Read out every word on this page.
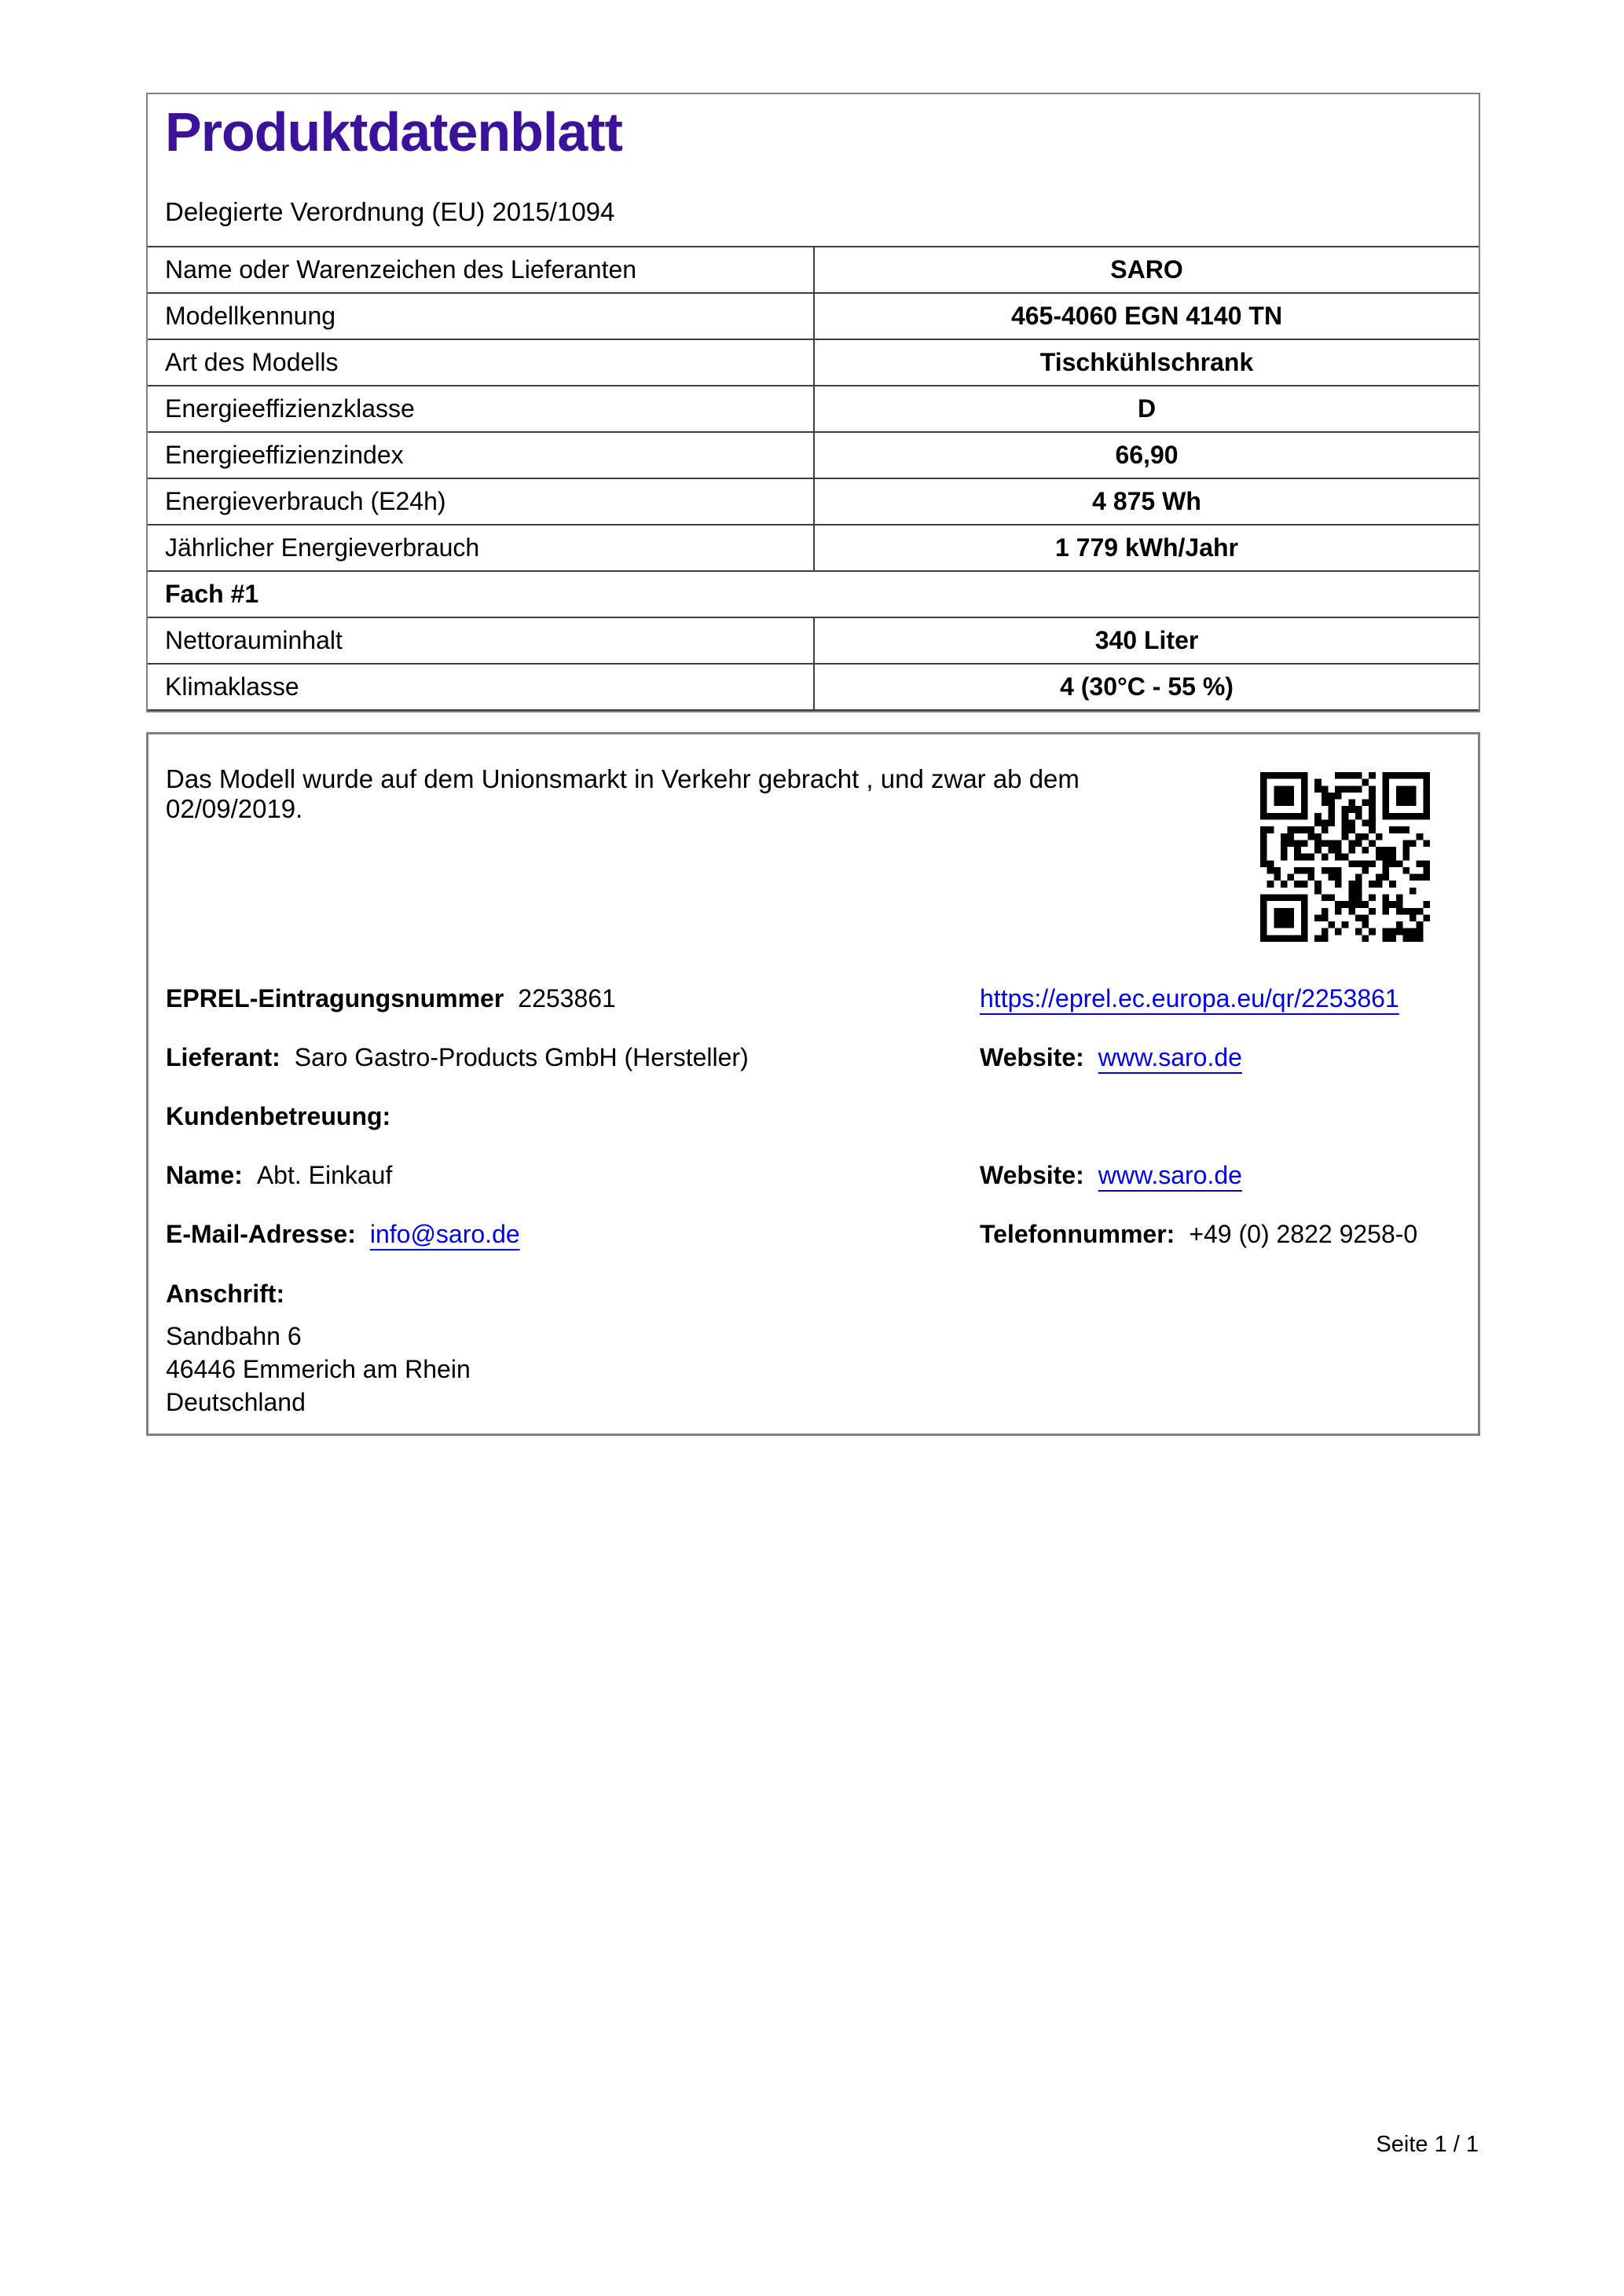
Produktdatenblatt
Delegierte Verordnung (EU) 2015/1094
Name oder Warenzeichen des Lieferanten	SARO
Modellkennung	465-4060 EGN 4140 TN
Art des Modells	Tischkühlschrank
Energieeffizienzklasse	D
Energieeffizienzindex	66,90
Energieverbrauch (E24h)	4 875 Wh
Jährlicher Energieverbrauch	1 779 kWh/Jahr
Fach #1
Nettorauminhalt	340 Liter
Klimaklasse	4 (30°C - 55 %)
Das Modell wurde auf dem Unionsmarkt in Verkehr gebracht , und zwar ab dem 02/09/2019.
EPREL-Eintragungsnummer 2253861	https://eprel.ec.europa.eu/qr/2253861
Lieferant: Saro Gastro-Products GmbH (Hersteller)	Website: www.saro.de
Kundenbetreuung:
Name: Abt. Einkauf	Website: www.saro.de
E-Mail-Adresse: info@saro.de	Telefonnummer: +49 (0) 2822 9258-0
Anschrift:
Sandbahn 6
46446 Emmerich am Rhein
Deutschland
Seite 1 / 1
